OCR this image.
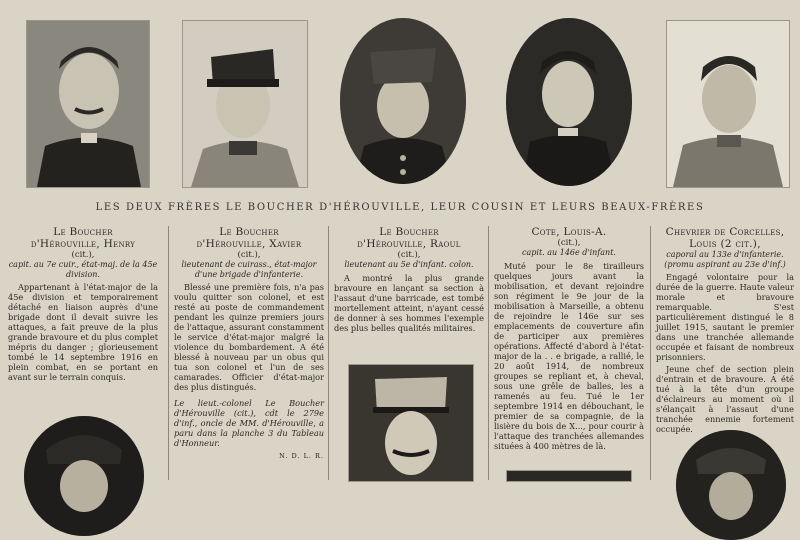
LES DEUX FRÈRES LE BOUCHER D'HÉROUVILLE, LEUR COUSIN ET LEURS BEAUX-FRÈRES
Le Boucher
d'Hérouville, Henry
(cit.),
capit. au 7e cuir., état-maj. de la 45e division.

Appartenant à l'état-major de la 45e division et temporairement détaché en liaison auprès d'une brigade dont il devait suivre les attaques, a fait preuve de la plus grande bravoure et du plus complet mépris du danger ; glorieusement tombé le 14 septembre 1916 en plein combat, en se portant en avant sur le terrain conquis.

Le Boucher
d'Hérouville, Xavier
(cit.),
lieutenant de cuirass., état-major d'une brigade d'infanterie.

Blessé une première fois, n'a pas voulu quitter son colonel, et est resté au poste de commandement pendant les quinze premiers jours de l'attaque, assurant constamment le service d'état-major malgré la violence du bombardement. A été blessé à nouveau par un obus qui tua son colonel et l'un de ses camarades. Officier d'état-major des plus distingués.

Le lieut.-colonel Le Boucher d'Hérouville (cit.), cdt le 279e d'inf., oncle de MM. d'Hérouville, a paru dans la planche 3 du Tableau d'Honneur.
N. D. L. R.
Le Boucher
d'Hérouville, Raoul
(cit.),
lieutenant au 5e d'infant. colon.

A montré la plus grande bravoure en lançant sa section à l'assaut d'une barricade, est tombé mortellement atteint, n'ayant cessé de donner à ses hommes l'exemple des plus belles qualités militaires.

Cote, Louis-A.
(cit.),
capit. au 146e d'infant.

Muté pour le 8e tirailleurs quelques jours avant la mobilisation, et devant rejoindre son régiment le 9e jour de la mobilisation à Marseille, a obtenu de rejoindre le 146e sur ses emplacements de couverture afin de participer aux premières opérations. Affecté d'abord à l'état-major de la . . e brigade, a rallié, le 20 août 1914, de nombreux groupes se repliant et, à cheval, sous une grêle de balles, les a ramenés au feu. Tué le 1er septembre 1914 en débouchant, le premier de sa compagnie, de la lisière du bois de X..., pour courir à l'attaque des tranchées allemandes situées à 400 mètres de là.

Chevrier de Corcelles,
Louis (2 cit.),
caporal au 133e d'infanterie. (promu aspirant au 23e d'inf.)

Engagé volontaire pour la durée de la guerre. Haute valeur morale et bravoure remarquable. S'est particulièrement distingué le 8 juillet 1915, sautant le premier dans une tranchée allemande occupée et faisant de nombreux prisonniers.

Jeune chef de section plein d'entrain et de bravoure. A été tué à la tête d'un groupe d'éclaireurs au moment où il s'élançait à l'assaut d'une tranchée ennemie fortement occupée.
